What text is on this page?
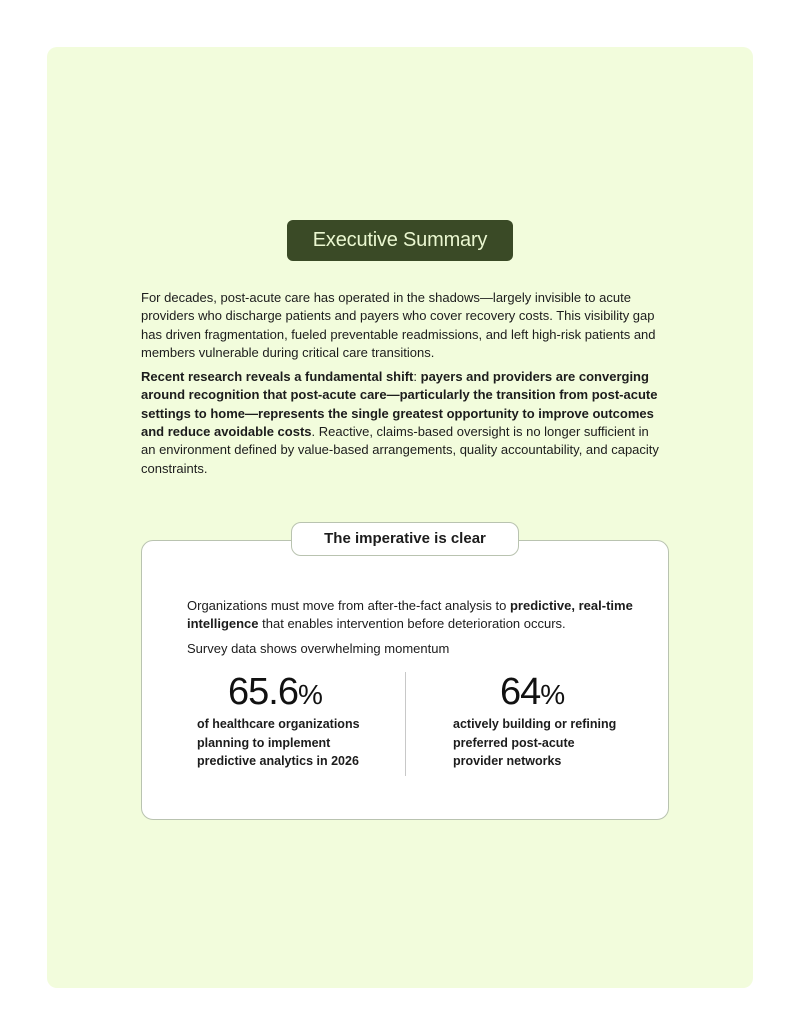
Executive Summary

For decades, post-acute care has operated in the shadows—largely invisible to acute providers who discharge patients and payers who cover recovery costs. This visibility gap has driven fragmentation, fueled preventable readmissions, and left high-risk patients and members vulnerable during critical care transitions.

Recent research reveals a fundamental shift: payers and providers are converging around recognition that post-acute care—particularly the transition from post-acute settings to home—represents the single greatest opportunity to improve outcomes and reduce avoidable costs. Reactive, claims-based oversight is no longer sufficient in an environment defined by value-based arrangements, quality accountability, and capacity constraints.

The imperative is clear
Organizations must move from after-the-fact analysis to predictive, real-time intelligence that enables intervention before deterioration occurs.
Survey data shows overwhelming momentum
65.6%
of healthcare organizations planning to implement predictive analytics in 2026
64%
actively building or refining preferred post-acute provider networks
